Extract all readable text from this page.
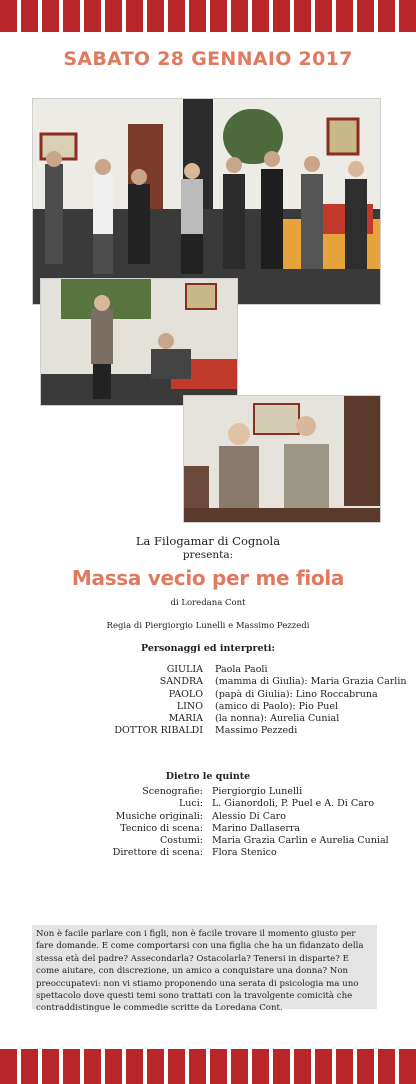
SABATO 28 GENNAIO 2017
La Filogamar di Cognola
presenta:
Massa vecio per me fiola
di Loredana Cont
Regia di Piergiorgio Lunelli e Massimo Pezzedi
Personaggi ed interpreti:
GIULIA Paola Paoli
SANDRA (mamma di Giulia): Maria Grazia Carlin
PAOLO (papà di Giulia): Lino Roccabruna
LINO (amico di Paolo): Pio Puel
MARIA (la nonna): Aurelia Cunial
DOTTOR RIBALDI Massimo Pezzedi
Dietro le quinte
Scenografie: Piergiorgio Lunelli
Luci: L. Gianordoli, P. Puel e A. Di Caro
Musiche originali: Alessio Di Caro
Tecnico di scena: Marino Dallaserra
Costumi: Maria Grazia Carlin e Aurelia Cunial
Direttore di scena: Flora Stenico
Non è facile parlare con i figli, non è facile trovare il momento giusto per fare domande. E come comportarsi con una figlia che ha un fidanzato della stessa età del padre? Assecondarla? Ostacolarla? Tenersi in disparte? E come aiutare, con discrezione, un amico a conquistare una donna? Non preoccupatevi: non vi stiamo proponendo una serata di psicologia ma uno spettacolo dove questi temi sono trattati con la travolgente comicità che contraddistingue le commedie scritte da Loredana Cont.
